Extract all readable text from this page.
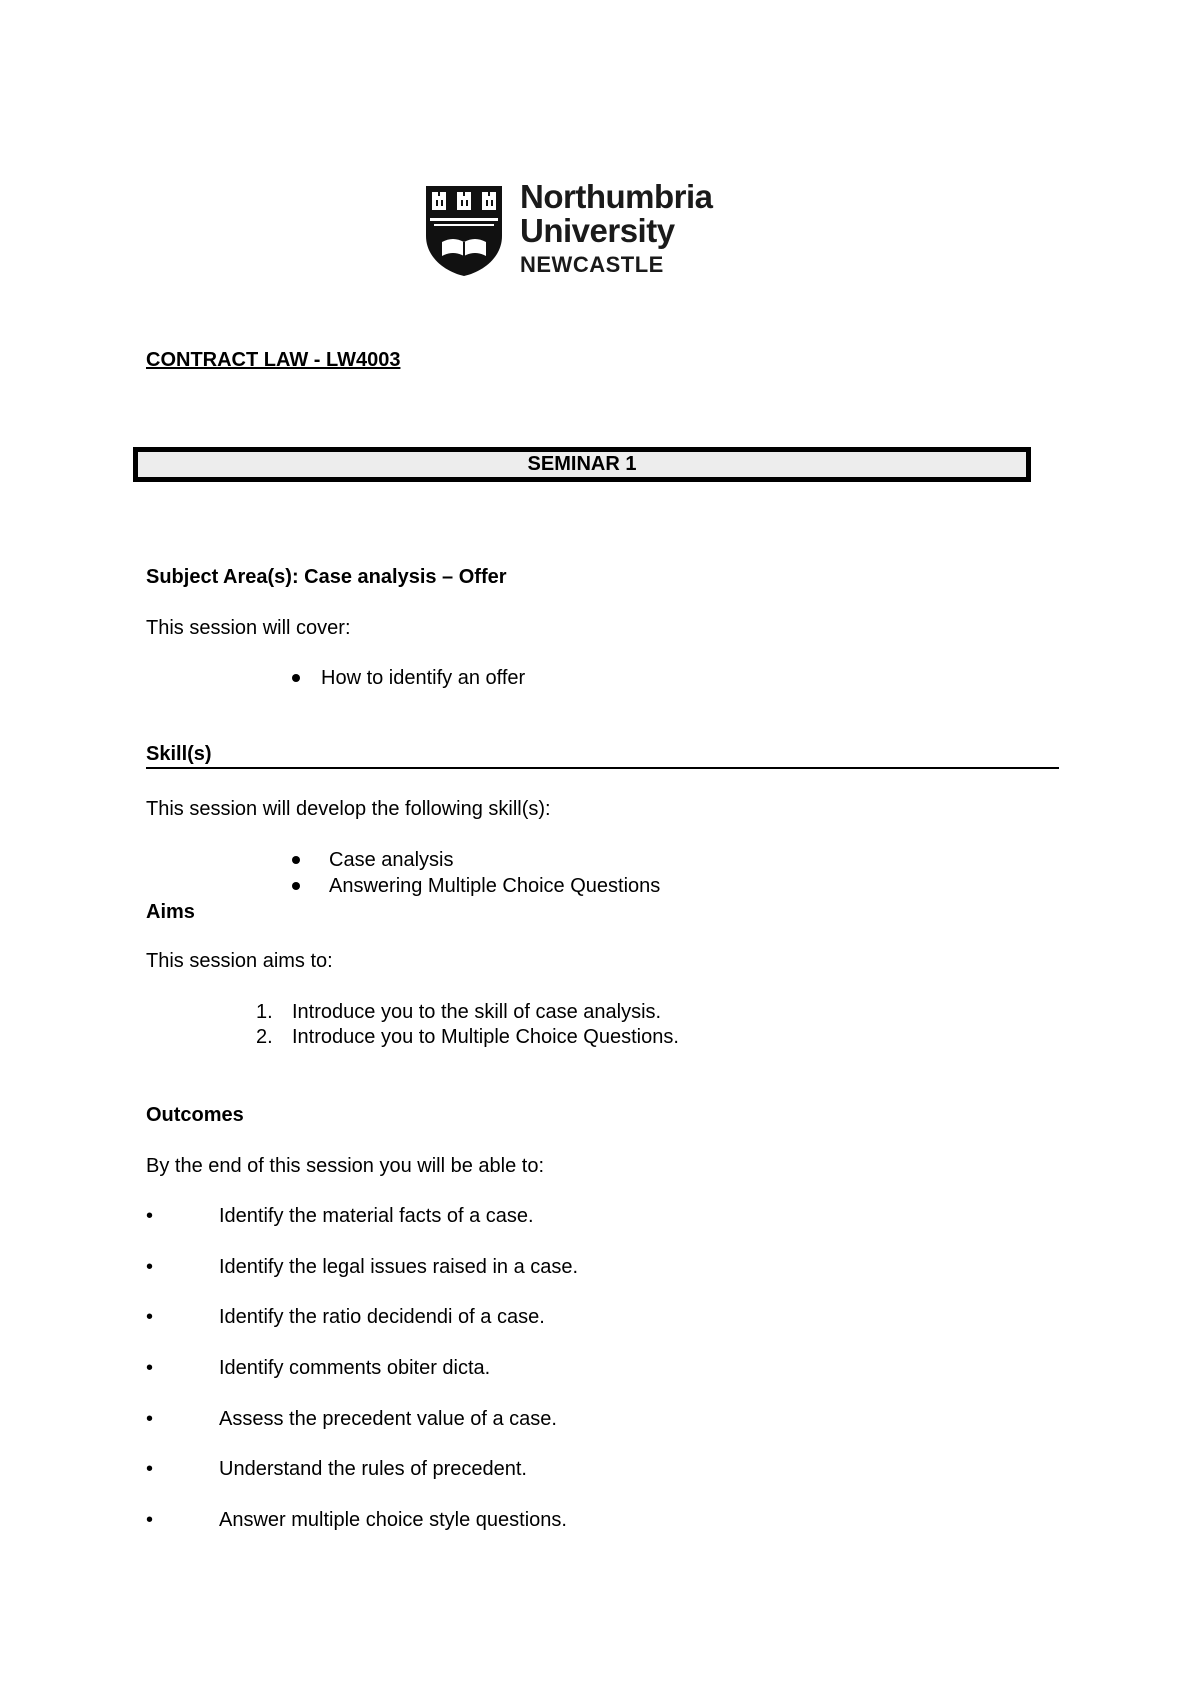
Northumbria
University
NEWCASTLE
CONTRACT LAW - LW4003
SEMINAR 1
Subject Area(s): Case analysis – Offer
This session will cover:
How to identify an offer
Skill(s)
This session will develop the following skill(s):
Case analysis
Answering Multiple Choice Questions
Aims
This session aims to:
1. Introduce you to the skill of case analysis.
2. Introduce you to Multiple Choice Questions.
Outcomes
By the end of this session you will be able to:
•	Identify the material facts of a case.
•	Identify the legal issues raised in a case.
•	Identify the ratio decidendi of a case.
•	Identify comments obiter dicta.
•	Assess the precedent value of a case.
•	Understand the rules of precedent.
•	Answer multiple choice style questions.
